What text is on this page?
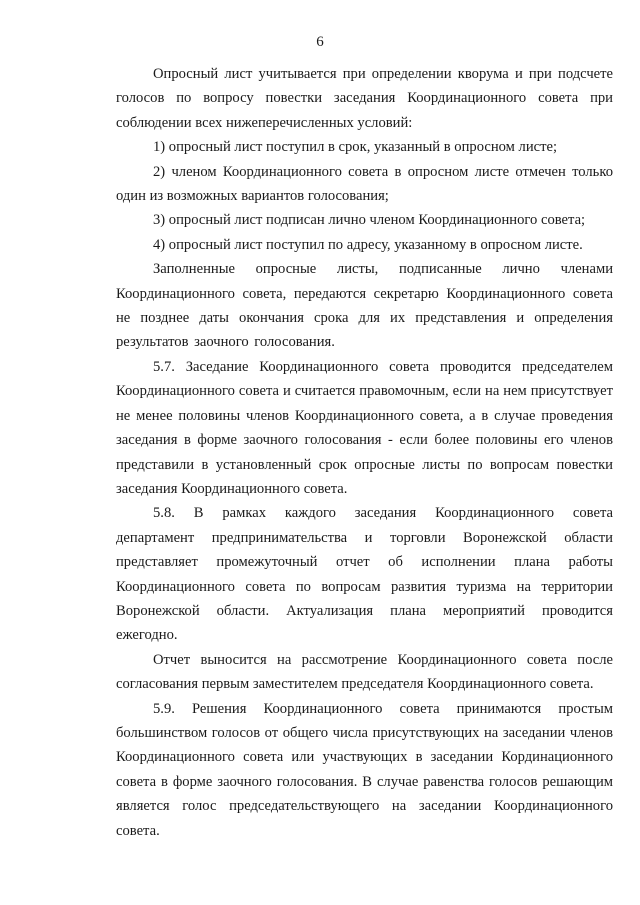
6

Опросный лист учитывается при определении кворума и при подсчете голосов по вопросу повестки заседания Координационного совета при соблюдении всех нижеперечисленных условий:

1) опросный лист поступил в срок, указанный в опросном листе;

2) членом Координационного совета в опросном листе отмечен только один из возможных вариантов голосования;

3) опросный лист подписан лично членом Координационного совета;

4) опросный лист поступил по адресу, указанному в опросном листе.

Заполненные опросные листы, подписанные лично членами Координационного совета, передаются секретарю Координационного совета не позднее даты окончания срока для их представления и определения результатов заочного голосования.

5.7. Заседание Координационного совета проводится председателем Координационного совета и считается правомочным, если на нем присутствует не менее половины членов Координационного совета, а в случае проведения заседания в форме заочного голосования - если более половины его членов представили в установленный срок опросные листы по вопросам повестки заседания Координационного совета.

5.8. В рамках каждого заседания Координационного совета департамент предпринимательства и торговли Воронежской области представляет промежуточный отчет об исполнении плана работы Координационного совета по вопросам развития туризма на территории Воронежской области. Актуализация плана мероприятий проводится ежегодно.

Отчет выносится на рассмотрение Координационного совета после согласования первым заместителем председателя Координационного совета.

5.9. Решения Координационного совета принимаются простым большинством голосов от общего числа присутствующих на заседании членов Координационного совета или участвующих в заседании Кординационного совета в форме заочного голосования. В случае равенства голосов решающим является голос председательствующего на заседании Координационного совета.
